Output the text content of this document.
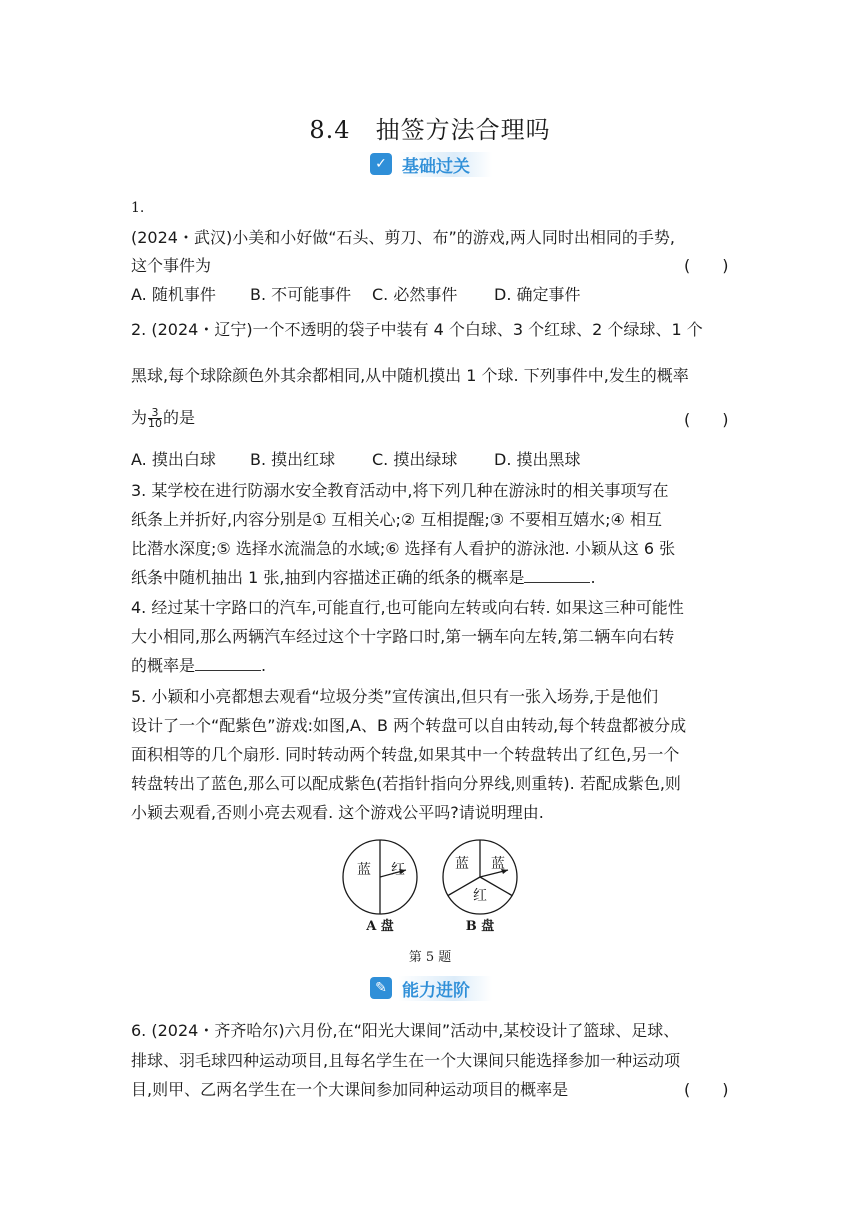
8.4　抽签方法合理吗
✓ 基础过关
1.
(2024・武汉)小美和小好做“石头、剪刀、布”的游戏,两人同时出相同的手势,
这个事件为	(　　)
A. 随机事件 B. 不可能事件 C. 必然事件 D. 确定事件
2. (2024・辽宁)一个不透明的袋子中装有 4 个白球、3 个红球、2 个绿球、1 个
黑球,每个球除颜色外其余都相同,从中随机摸出 1 个球. 下列事件中,发生的概率
为 $\frac{3}{10}$ 的是	(　　)
A. 摸出白球 B. 摸出红球 C. 摸出绿球 D. 摸出黑球
3. 某学校在进行防溺水安全教育活动中,将下列几种在游泳时的相关事项写在
纸条上并折好,内容分别是① 互相关心;② 互相提醒;③ 不要相互嬉水;④ 相互
比潜水深度;⑤ 选择水流湍急的水域;⑥ 选择有人看护的游泳池. 小颖从这 6 张
纸条中随机抽出 1 张,抽到内容描述正确的纸条的概率是	.
4. 经过某十字路口的汽车,可能直行,也可能向左转或向右转. 如果这三种可能性
大小相同,那么两辆汽车经过这个十字路口时,第一辆车向左转,第二辆车向右转
的概率是	.
5. 小颖和小亮都想去观看“垃圾分类”宣传演出,但只有一张入场券,于是他们
设计了一个“配紫色”游戏:如图,A、B 两个转盘可以自由转动,每个转盘都被分成
面积相等的几个扇形. 同时转动两个转盘,如果其中一个转盘转出了红色,另一个
转盘转出了蓝色,那么可以配成紫色(若指针指向分界线,则重转). 若配成紫色,则
小颖去观看,否则小亮去观看. 这个游戏公平吗?请说明理由.
蓝 红
A 盘
蓝 蓝
红
B 盘
第 5 题
✎ 能力进阶
6. (2024・齐齐哈尔)六月份,在“阳光大课间”活动中,某校设计了篮球、足球、
排球、羽毛球四种运动项目,且每名学生在一个大课间只能选择参加一种运动项
目,则甲、乙两名学生在一个大课间参加同种运动项目的概率是	(　　)
